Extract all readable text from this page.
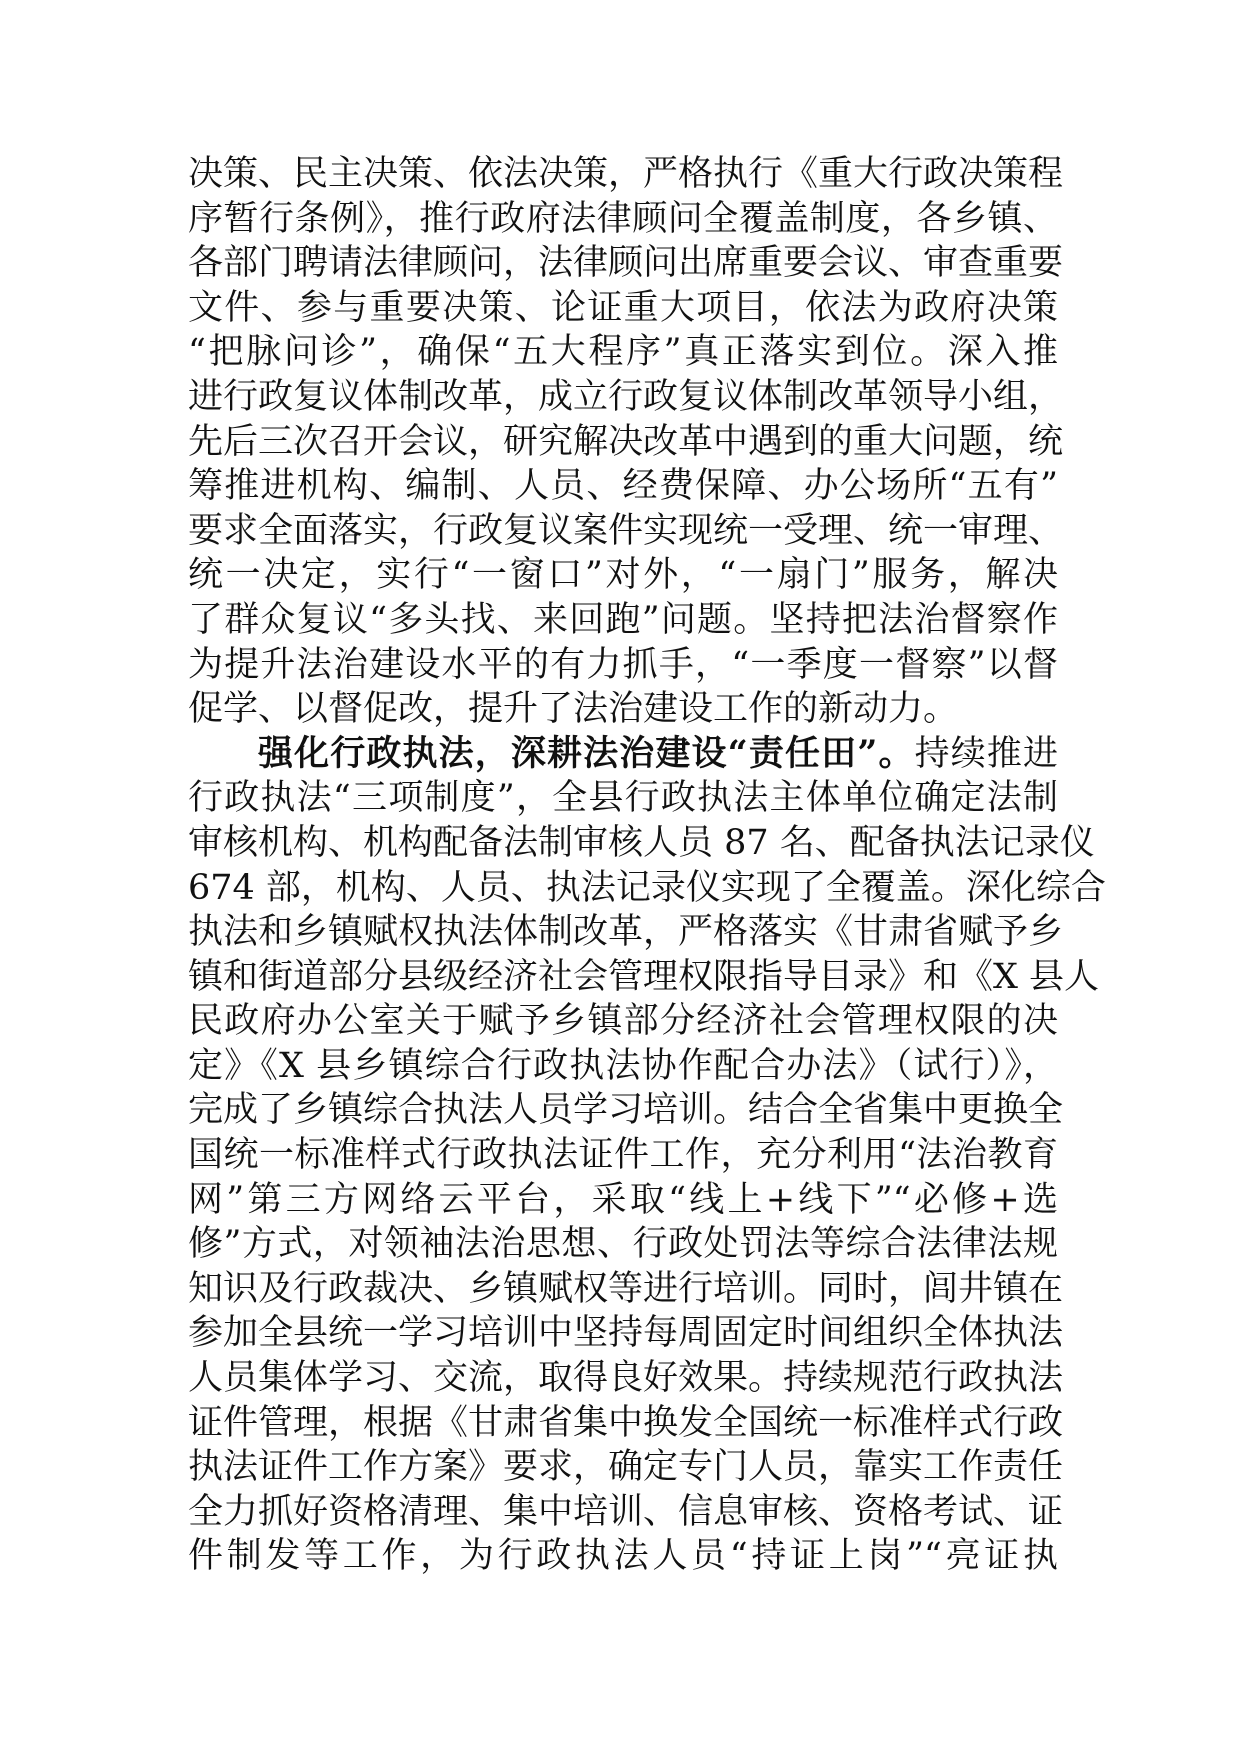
决策、民主决策、依法决策，严格执行《重大行政决策程
序暂行条例》，推行政府法律顾问全覆盖制度，各乡镇、
各部门聘请法律顾问，法律顾问出席重要会议、审查重要
文件、参与重要决策、论证重大项目，依法为政府决策
“把脉问诊”，确保“五大程序”真正落实到位。深入推
进行政复议体制改革，成立行政复议体制改革领导小组，
先后三次召开会议，研究解决改革中遇到的重大问题，统
筹推进机构、编制、人员、经费保障、办公场所“五有”
要求全面落实，行政复议案件实现统一受理、统一审理、
统一决定，实行“一窗口”对外，“一扇门”服务，解决
了群众复议“多头找、来回跑”问题。坚持把法治督察作
为提升法治建设水平的有力抓手，“一季度一督察”以督
促学、以督促改，提升了法治建设工作的新动力。
强化行政执法，深耕法治建设“责任田”。持续推进
行政执法“三项制度”，全县行政执法主体单位确定法制
审核机构、机构配备法制审核人员 87 名、配备执法记录仪
674 部，机构、人员、执法记录仪实现了全覆盖。深化综合
执法和乡镇赋权执法体制改革，严格落实《甘肃省赋予乡
镇和街道部分县级经济社会管理权限指导目录》和《X 县人
民政府办公室关于赋予乡镇部分经济社会管理权限的决
定》《X 县乡镇综合行政执法协作配合办法》（试行）》，
完成了乡镇综合执法人员学习培训。结合全省集中更换全
国统一标准样式行政执法证件工作，充分利用“法治教育
网”第三方网络云平台，采取“线上+线下”“必修+选
修”方式，对领袖法治思想、行政处罚法等综合法律法规
知识及行政裁决、乡镇赋权等进行培训。同时，闾井镇在
参加全县统一学习培训中坚持每周固定时间组织全体执法
人员集体学习、交流，取得良好效果。持续规范行政执法
证件管理，根据《甘肃省集中换发全国统一标准样式行政
执法证件工作方案》要求，确定专门人员，靠实工作责任
全力抓好资格清理、集中培训、信息审核、资格考试、证
件制发等工作，为行政执法人员“持证上岗”“亮证执
